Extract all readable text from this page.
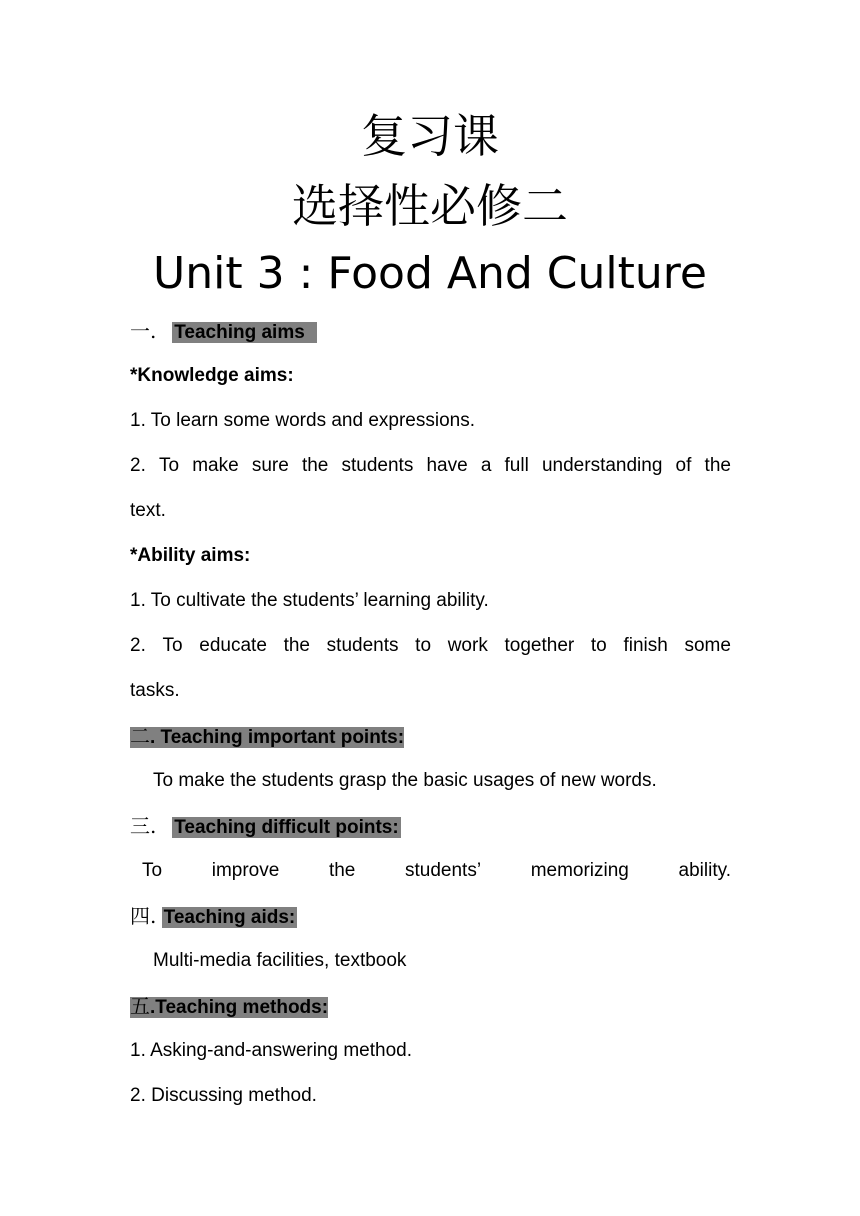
复习课
选择性必修二
Unit 3 : Food And Culture
一. Teaching aims
*Knowledge aims:
1. To learn some words and expressions.
2. To make sure the students have a full understanding of the
text.
*Ability aims:
1. To cultivate the students’ learning ability.
2. To educate the students to work together to finish some
tasks.
二. Teaching important points:
To make the students grasp the basic usages of new words.
三. Teaching difficult points:
To	improve	the	students’	memorizing	ability.
四. Teaching aids:
Multi-media facilities, textbook
五.Teaching methods:
1. Asking-and-answering method.
2. Discussing method.
